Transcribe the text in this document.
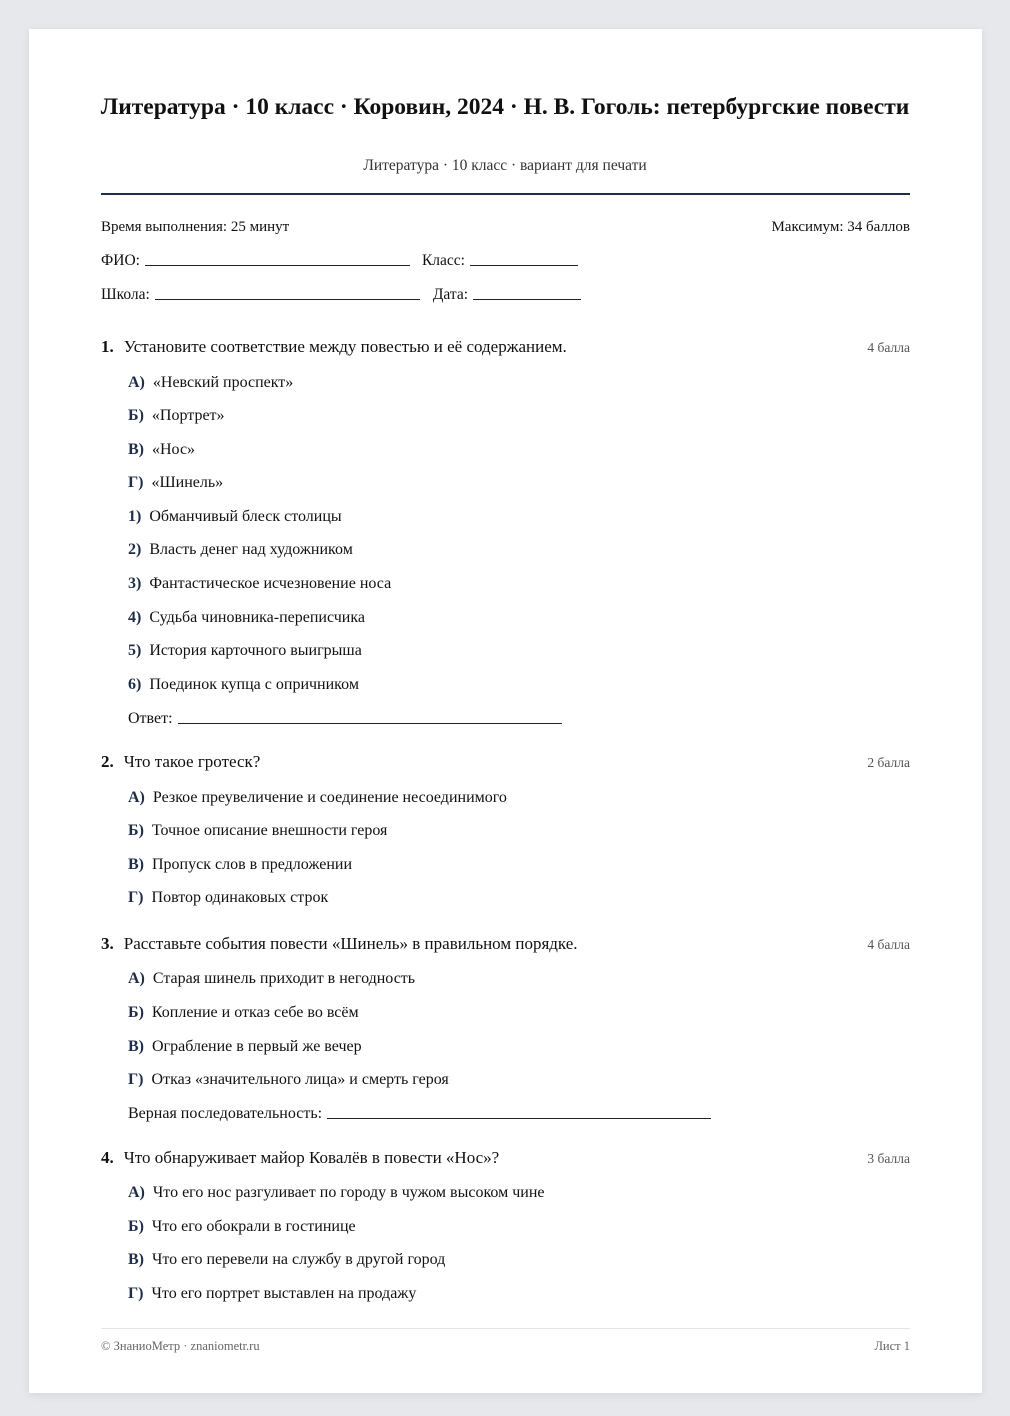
Литература · 10 класс · Коровин, 2024 · Н. В. Гоголь: петербургские повести
Литература · 10 класс · вариант для печати
Время выполнения: 25 минут	Максимум: 34 баллов
ФИО:	Класс:
Школа:	Дата:
1. Установите соответствие между повестью и её содержанием.	4 балла
А) «Невский проспект»
Б) «Портрет»
В) «Нос»
Г) «Шинель»
1) Обманчивый блеск столицы
2) Власть денег над художником
3) Фантастическое исчезновение носа
4) Судьба чиновника-переписчика
5) История карточного выигрыша
6) Поединок купца с опричником
Ответ:
2. Что такое гротеск?	2 балла
А) Резкое преувеличение и соединение несоединимого
Б) Точное описание внешности героя
В) Пропуск слов в предложении
Г) Повтор одинаковых строк
3. Расставьте события повести «Шинель» в правильном порядке.	4 балла
А) Старая шинель приходит в негодность
Б) Копление и отказ себе во всём
В) Ограбление в первый же вечер
Г) Отказ «значительного лица» и смерть героя
Верная последовательность:
4. Что обнаруживает майор Ковалёв в повести «Нос»?	3 балла
А) Что его нос разгуливает по городу в чужом высоком чине
Б) Что его обокрали в гостинице
В) Что его перевели на службу в другой город
Г) Что его портрет выставлен на продажу
© ЗнаниоМетр · znaniometr.ru	Лист 1
